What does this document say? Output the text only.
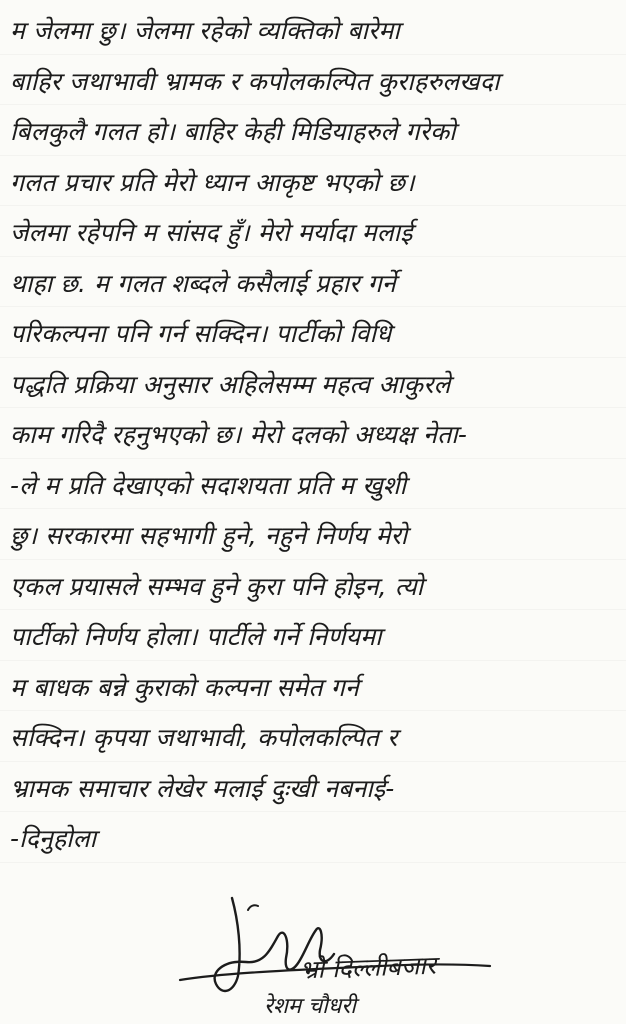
म जेलमा छु। जेलमा रहेको व्यक्तिको बारेमा
बाहिर जथाभावी भ्रामक र कपोलकल्पित कुराहरुलखदा
बिलकुलै गलत हो। बाहिर केही मिडियाहरुले गरेको
गलत प्रचार प्रति मेरो ध्यान आकृष्ट भएको छ।
जेलमा रहेपनि म सांसद हुँ। मेरो मर्यादा मलाई
थाहा छ. म गलत शब्दले कसैलाई प्रहार गर्ने
परिकल्पना पनि गर्न सक्दिन। पार्टीको विधि
पद्धति प्रक्रिया अनुसार अहिलेसम्म महत्व आकुरले
काम गरिदै रहनुभएको छ। मेरो दलको अध्यक्ष नेता-
-ले म प्रति देखाएको सदाशयता प्रति म खुशी
छु। सरकारमा सहभागी हुने, नहुने निर्णय मेरो
एकल प्रयासले सम्भव हुने कुरा पनि होइन, त्यो
पार्टीको निर्णय होला। पार्टीले गर्ने निर्णयमा
म बाधक बन्ने कुराको कल्पना समेत गर्न
सक्दिन। कृपया जथाभावी, कपोलकल्पित र
भ्रामक समाचार लेखेर मलाई दुःखी नबनाई-
-दिनुहोला
भ्रो दिल्लीबजार
रेशम चौधरी
